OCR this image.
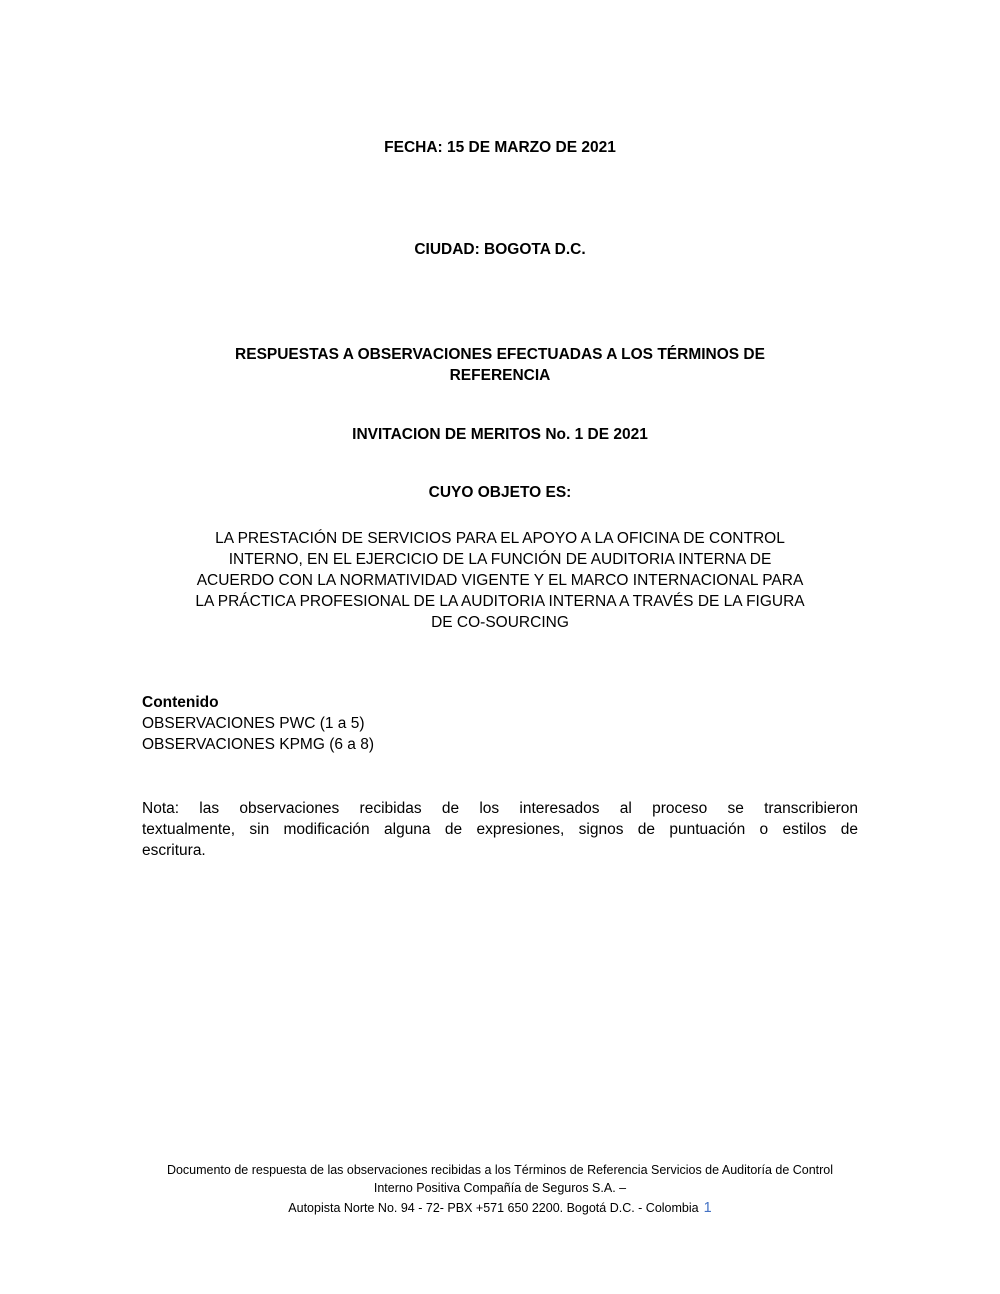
FECHA: 15 DE MARZO DE 2021
CIUDAD: BOGOTA D.C.
RESPUESTAS A OBSERVACIONES EFECTUADAS A LOS TÉRMINOS DE
REFERENCIA
INVITACION DE MERITOS No. 1 DE 2021
CUYO OBJETO ES:
LA PRESTACIÓN DE SERVICIOS PARA EL APOYO A LA OFICINA DE CONTROL
INTERNO, EN EL EJERCICIO DE LA FUNCIÓN DE AUDITORIA INTERNA DE
ACUERDO CON LA NORMATIVIDAD VIGENTE Y EL MARCO INTERNACIONAL PARA
LA PRÁCTICA PROFESIONAL DE LA AUDITORIA INTERNA A TRAVÉS DE LA FIGURA
DE CO-SOURCING
Contenido
OBSERVACIONES PWC (1 a 5)
OBSERVACIONES KPMG (6 a 8)
Nota: las observaciones recibidas de los interesados al proceso se transcribieron
textualmente, sin modificación alguna de expresiones, signos de puntuación o estilos de
escritura.
Documento de respuesta de las observaciones recibidas a los Términos de Referencia Servicios de Auditoría de Control
Interno Positiva Compañía de Seguros S.A. –
Autopista Norte No. 94 - 72- PBX +571 650 2200. Bogotá D.C. - Colombia 1
